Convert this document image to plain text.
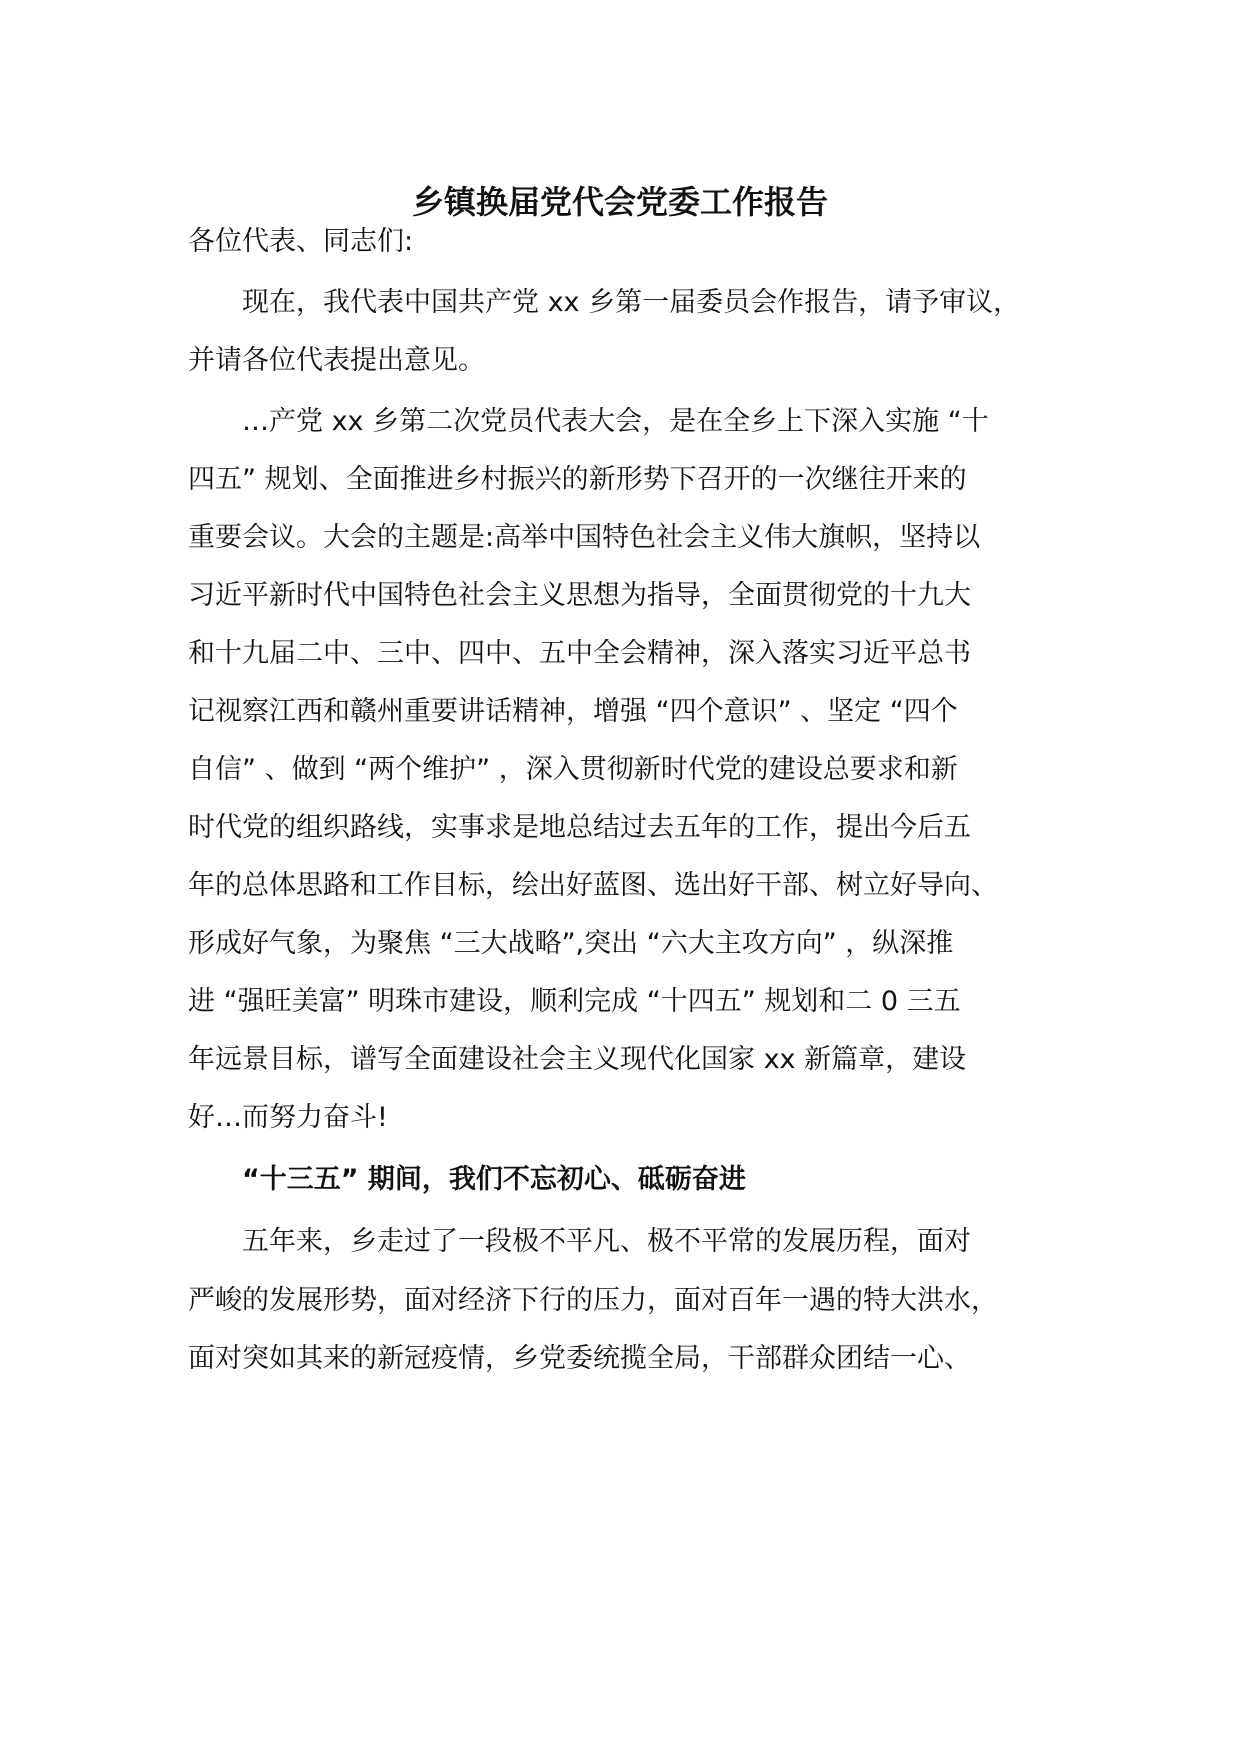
乡镇换届党代会党委工作报告

各位代表、同志们:

现在，我代表中国共产党 xx 乡第一届委员会作报告，请予审议，

并请各位代表提出意见。

…产党 xx 乡第二次党员代表大会，是在全乡上下深入实施 “十

四五” 规划、全面推进乡村振兴的新形势下召开的一次继往开来的

重要会议。大会的主题是:高举中国特色社会主义伟大旗帜，坚持以

习近平新时代中国特色社会主义思想为指导，全面贯彻党的十九大

和十九届二中、三中、四中、五中全会精神，深入落实习近平总书

记视察江西和赣州重要讲话精神，增强 “四个意识” 、坚定 “四个

自信” 、做到 “两个维护” ，深入贯彻新时代党的建设总要求和新

时代党的组织路线，实事求是地总结过去五年的工作，提出今后五

年的总体思路和工作目标，绘出好蓝图、选出好干部、树立好导向、

形成好气象，为聚焦 “三大战略”,突出 “六大主攻方向” ，纵深推

进 “强旺美富” 明珠市建设，顺利完成 “十四五” 规划和二 0 三五

年远景目标，谱写全面建设社会主义现代化国家 xx 新篇章，建设

好…而努力奋斗!

“十三五” 期间，我们不忘初心、砥砺奋进

五年来，乡走过了一段极不平凡、极不平常的发展历程，面对

严峻的发展形势，面对经济下行的压力，面对百年一遇的特大洪水，

面对突如其来的新冠疫情，乡党委统揽全局，干部群众团结一心、
